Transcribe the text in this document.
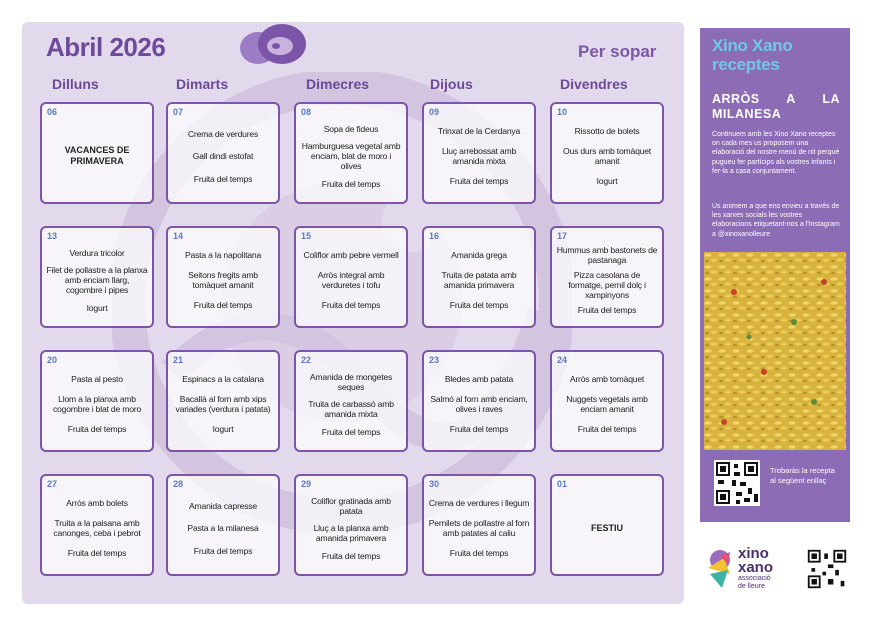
Abril 2026	Per sopar
Dilluns	Dimarts	Dimecres	Dijous	Divendres
06
VACANCES DE PRIMAVERA
07
Crema de verdures
Gall dindi estofat
Fruita del temps
08
Sopa de fideus
Hamburguesa vegetal amb enciam, blat de moro i olives
Fruita del temps
09
Trinxat de la Cerdanya
Lluç arrebossat amb amanida mixta
Fruita del temps
10
Rissotto de bolets
Ous durs amb tomàquet amanit
Iogurt
13
Verdura tricolor
Filet de pollastre a la planxa amb enciam llarg, cogombre i pipes
Iogurt
14
Pasta a la napolitana
Seitons fregits amb tomàquet amanit
Fruita del temps
15
Coliflor amb pebre vermell
Arròs integral amb verduretes i tofu
Fruita del temps
16
Amanida grega
Truita de patata amb amanida primavera
Fruita del temps
17
Hummus amb bastonets de pastanaga
Pizza casolana de formatge, pernil dolç i xampinyons
Fruita del temps
20
Pasta al pesto
Llom a la planxa amb cogombre i blat de moro
Fruita del temps
21
Espinacs a la catalana
Bacallà al forn amb xips variades (verdura i patata)
Iogurt
22
Amanida de mongetes seques
Truita de carbassó amb amanida mixta
Fruita del temps
23
Bledes amb patata
Salmó al forn amb enciam, olives i raves
Fruita del temps
24
Arròs amb tomàquet
Nuggets vegetals amb enciam amanit
Fruita del temps
27
Arròs amb bolets
Truita a la paisana amb canonges, ceba i pebrot
Fruita del temps
28
Amanida capresse
Pasta a la milanesa
Fruita del temps
29
Coliflor gratinada amb patata
Lluç a la planxa amb amanida primavera
Fruita del temps
30
Crema de verdures i llegum
Pernilets de pollastre al forn amb patates al caliu
Fruita del temps
01
FESTIU
Xino Xano receptes
ARRÒS A LA MILANESA
Continuem amb les Xino Xano receptes on cada mes us proposem una elaboració del nostre menú de nit perquè pugueu fer partícips als vostres infants i fer-la a casa conjuntament.
Us animem a que ens envieu a través de les xarxes socials les vostres elaboracions etiquetant-nos a l'Instagram a @xinoxanolleure
Trobaràs la recepta al següent enllaç
xino
xano
associació
de lleure
